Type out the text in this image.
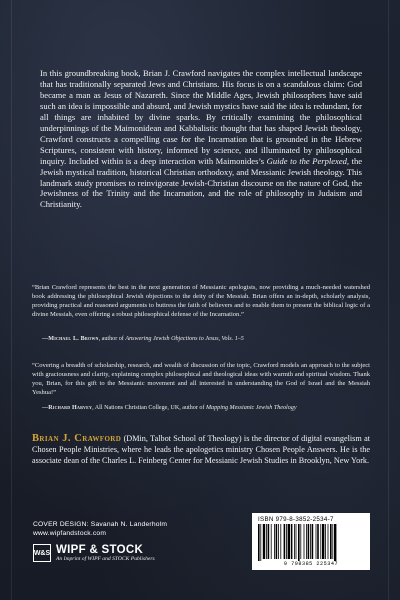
In this groundbreaking book, Brian J. Crawford navigates the complex intellectual landscape that has traditionally separated Jews and Christians. His focus is on a scandalous claim: God became a man as Jesus of Nazareth. Since the Middle Ages, Jewish philosophers have said such an idea is impossible and absurd, and Jewish mystics have said the idea is redundant, for all things are inhabited by divine sparks. By critically examining the philosophical underpinnings of the Maimonidean and Kabbalistic thought that has shaped Jewish theology, Crawford constructs a compelling case for the Incarnation that is grounded in the Hebrew Scriptures, consistent with history, informed by science, and illuminated by philosophical inquiry. Included within is a deep interaction with Maimonides’s Guide to the Perplexed, the Jewish mystical tradition, historical Christian orthodoxy, and Messianic Jewish theology. This landmark study promises to reinvigorate Jewish-Christian discourse on the nature of God, the Jewishness of the Trinity and the Incarnation, and the role of philosophy in Judaism and Christianity.

“Brian Crawford represents the best in the next generation of Messianic apologists, now providing a much-needed watershed book addressing the philosophical Jewish objections to the deity of the Messiah. Brian offers an in-depth, scholarly analysis, providing practical and reasoned arguments to buttress the faith of believers and to enable them to present the biblical logic of a divine Messiah, even offering a robust philosophical defense of the Incarnation.”

—Michael L. Brown, author of Answering Jewish Objections to Jesus, Vols. 1–5

“Covering a breadth of scholarship, research, and wealth of discussion of the topic, Crawford models an approach to the subject with graciousness and clarity, explaining complex philosophical and theological ideas with warmth and spiritual wisdom. Thank you, Brian, for this gift to the Messianic movement and all interested in understanding the God of Israel and the Messiah Yeshua!”

—Richard Harvey, All Nations Christian College, UK, author of Mapping Messianic Jewish Theology

Brian J. Crawford (DMin, Talbot School of Theology) is the director of digital evangelism at Chosen People Ministries, where he leads the apologetics ministry Chosen People Answers. He is the associate dean of the Charles L. Feinberg Center for Messianic Jewish Studies in Brooklyn, New York.

COVER DESIGN: Savanah N. Landerholm
www.wipfandstock.com
W&S WIPF & STOCK
An Imprint of WIPF and STOCK Publishers
ISBN 979-8-3852-2534-7
9 798385 225347
